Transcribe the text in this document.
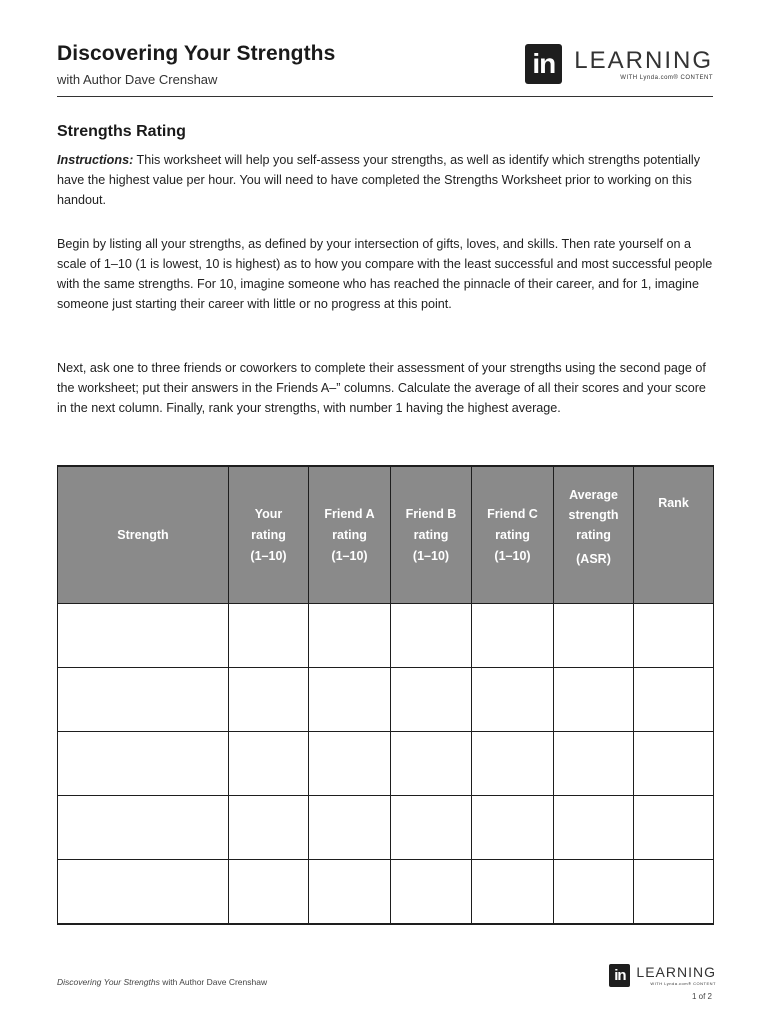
Discovering Your Strengths
with Author Dave Crenshaw
in LEARNING
WITH Lynda.com® CONTENT
Strengths Rating
Instructions: This worksheet will help you self-assess your strengths, as well as identify which strengths potentially have the highest value per hour. You will need to have completed the Strengths Worksheet prior to working on this handout.
Begin by listing all your strengths, as defined by your intersection of gifts, loves, and skills. Then rate yourself on a scale of 1–10 (1 is lowest, 10 is highest) as to how you compare with the least successful and most successful people with the same strengths. For 10, imagine someone who has reached the pinnacle of their career, and for 1, imagine someone just starting their career with little or no progress at this point.
Next, ask one to three friends or coworkers to complete their assessment of your strengths using the second page of the worksheet; put their answers in the Friends A–” columns. Calculate the average of all their scores and your score in the next column. Finally, rank your strengths, with number 1 having the highest average.
Strength	Your
rating
(1–10)	Friend A
rating
(1–10)	Friend B
rating
(1–10)	Friend C
rating
(1–10)	Average
strength
rating
(ASR)	Rank

Discovering Your Strengths with Author Dave Crenshaw	in LEARNING
WITH Lynda.com® CONTENT
1 of 2
